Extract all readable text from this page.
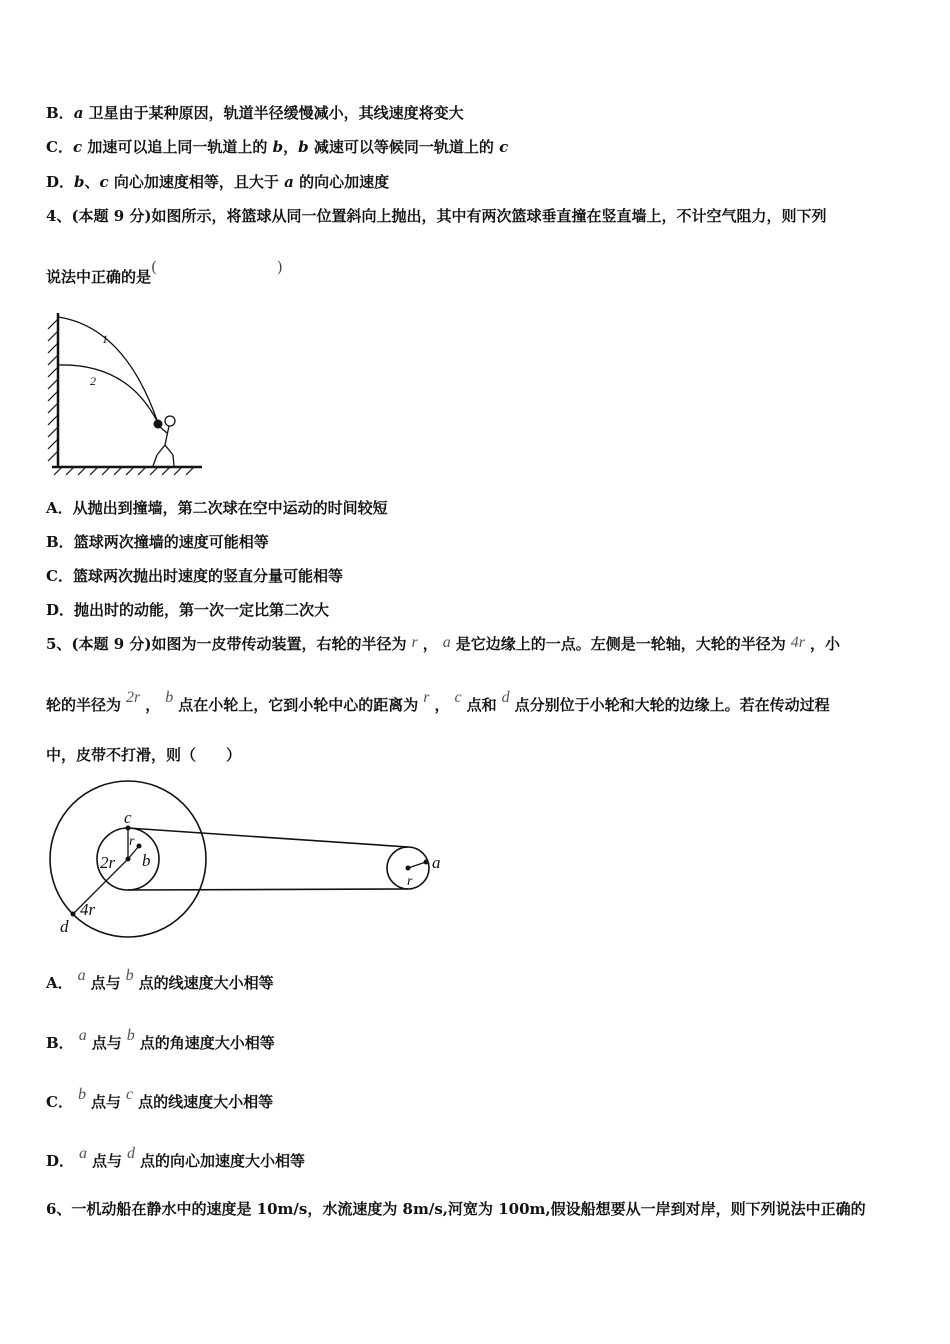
B．a 卫星由于某种原因，轨道半径缓慢减小，其线速度将变大
C．c 加速可以追上同一轨道上的 b，b 减速可以等候同一轨道上的 c
D．b、c 向心加速度相等，且大于 a 的向心加速度
4、(本题 9 分)如图所示，将篮球从同一位置斜向上抛出，其中有两次篮球垂直撞在竖直墙上，不计空气阻力，则下列
说法中正确的是(　　)
1
2
A．从抛出到撞墙，第二次球在空中运动的时间较短
B．篮球两次撞墙的速度可能相等
C．篮球两次抛出时速度的竖直分量可能相等
D．抛出时的动能，第一次一定比第二次大
5、(本题 9 分)如图为一皮带传动装置，右轮的半径为 r ， a 是它边缘上的一点。左侧是一轮轴，大轮的半径为 4r ，小
轮的半径为 2r ， b 点在小轮上，它到小轮中心的距离为 r ， c 点和 d 点分别位于小轮和大轮的边缘上。若在传动过程
中，皮带不打滑，则（　　）
c
r
b
2r
4r
d
a
r
A． a 点与 b 点的线速度大小相等
B． a 点与 b 点的角速度大小相等
C． b 点与 c 点的线速度大小相等
D． a 点与 d 点的向心加速度大小相等
6、一机动船在静水中的速度是 10m/s，水流速度为 8m/s,河宽为 100m,假设船想要从一岸到对岸，则下列说法中正确的
